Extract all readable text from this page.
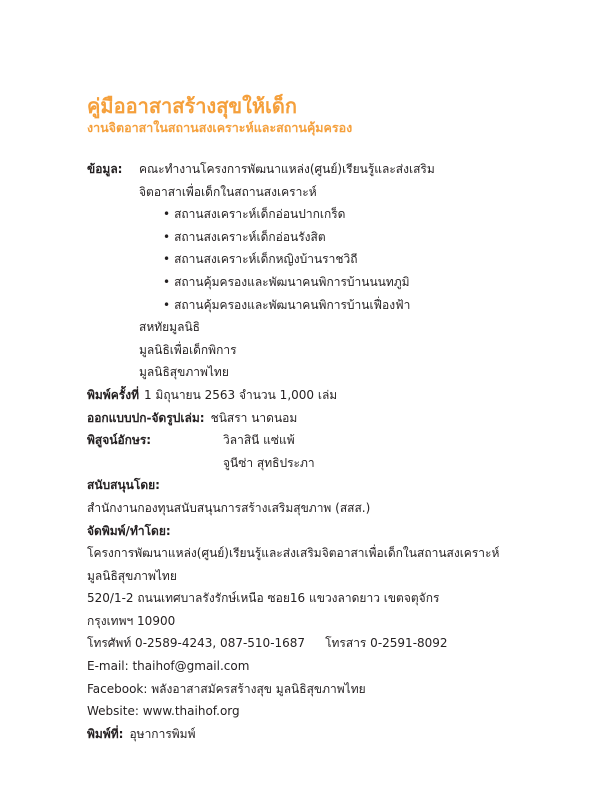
คู่มืออาสาสร้างสุขให้เด็ก
งานจิตอาสาในสถานสงเคราะห์และสถานคุ้มครอง
ข้อมูล:	คณะทำงานโครงการพัฒนาแหล่ง(ศูนย์)เรียนรู้และส่งเสริม
จิตอาสาเพื่อเด็กในสถานสงเคราะห์
• สถานสงเคราะห์เด็กอ่อนปากเกร็ด
• สถานสงเคราะห์เด็กอ่อนรังสิต
• สถานสงเคราะห์เด็กหญิงบ้านราชวิถี
• สถานคุ้มครองและพัฒนาคนพิการบ้านนนทภูมิ
• สถานคุ้มครองและพัฒนาคนพิการบ้านเฟื่องฟ้า
สหทัยมูลนิธิ
มูลนิธิเพื่อเด็กพิการ
มูลนิธิสุขภาพไทย
พิมพ์ครั้งที่ 1 มิถุนายน 2563 จำนวน 1,000 เล่ม
ออกแบบปก-จัดรูปเล่ม: ชนิสรา นาดนอม
พิสูจน์อักษร:	วิลาสินี แซ่แพ้
จูนีซ่า สุทธิประภา
สนับสนุนโดย:
สำนักงานกองทุนสนับสนุนการสร้างเสริมสุขภาพ (สสส.)
จัดพิมพ์/ทำโดย:
โครงการพัฒนาแหล่ง(ศูนย์)เรียนรู้และส่งเสริมจิตอาสาเพื่อเด็กในสถานสงเคราะห์
มูลนิธิสุขภาพไทย
520/1-2 ถนนเทศบาลรังรักษ์เหนือ ซอย16 แขวงลาดยาว เขตจตุจักร
กรุงเทพฯ 10900
โทรศัพท์ 0-2589-4243, 087-510-1687 โทรสาร 0-2591-8092
E-mail: thaihof@gmail.com
Facebook: พลังอาสาสมัครสร้างสุข มูลนิธิสุขภาพไทย
Website: www.thaihof.org
พิมพ์ที่: อุษาการพิมพ์
